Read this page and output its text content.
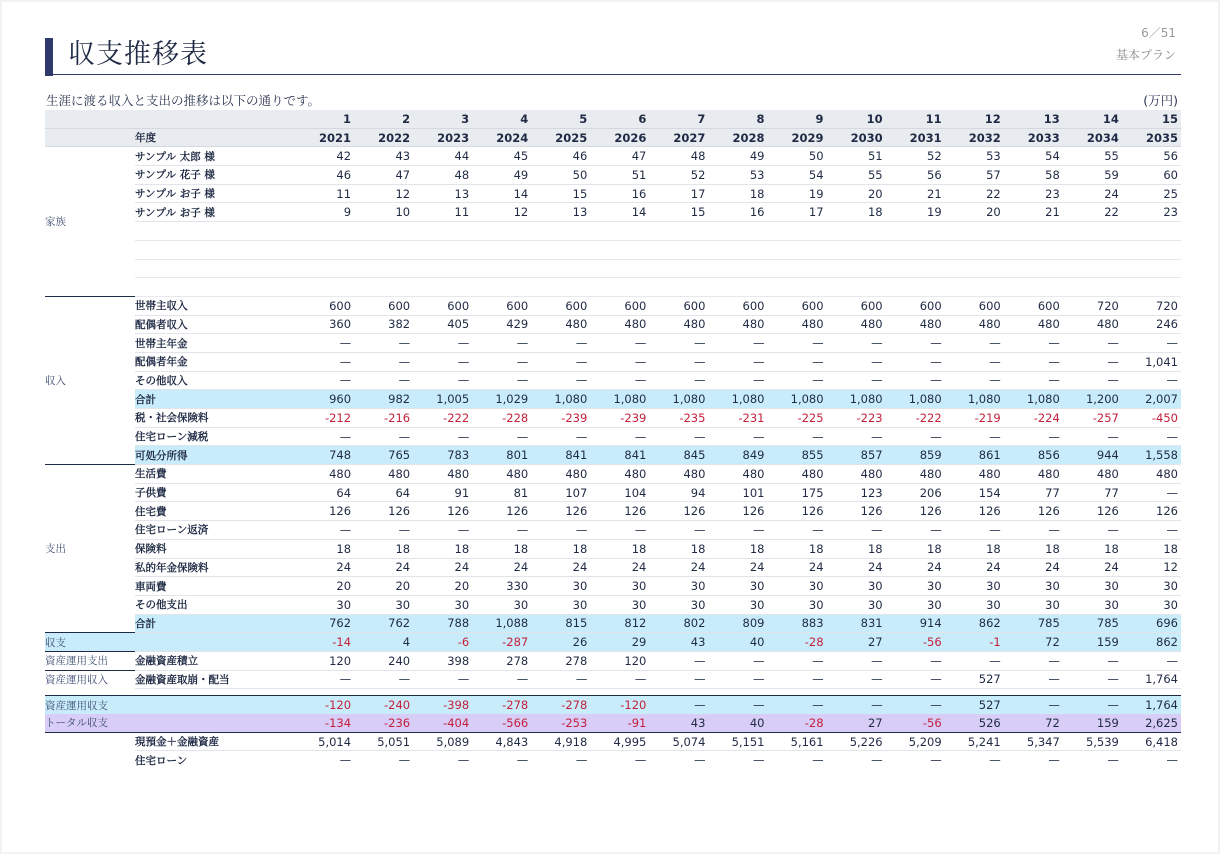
収支推移表
6／51
基本プラン
生涯に渡る収入と支出の推移は以下の通りです。	(万円)
		1	2	3	4	5	6	7	8	9	10	11	12	13	14	15
	年度	2021	2022	2023	2024	2025	2026	2027	2028	2029	2030	2031	2032	2033	2034	2035
家族	サンプル 太郎 様	42	43	44	45	46	47	48	49	50	51	52	53	54	55	56
	サンプル 花子 様	46	47	48	49	50	51	52	53	54	55	56	57	58	59	60
	サンプル お子 様	11	12	13	14	15	16	17	18	19	20	21	22	23	24	25
	サンプル お子 様	9	10	11	12	13	14	15	16	17	18	19	20	21	22	23

収入	世帯主収入	600	600	600	600	600	600	600	600	600	600	600	600	600	720	720
	配偶者収入	360	382	405	429	480	480	480	480	480	480	480	480	480	480	246
	世帯主年金	—	—	—	—	—	—	—	—	—	—	—	—	—	—	—
	配偶者年金	—	—	—	—	—	—	—	—	—	—	—	—	—	—	1,041
	その他収入	—	—	—	—	—	—	—	—	—	—	—	—	—	—	—
	合計	960	982	1,005	1,029	1,080	1,080	1,080	1,080	1,080	1,080	1,080	1,080	1,080	1,200	2,007
	税・社会保険料	-212	-216	-222	-228	-239	-239	-235	-231	-225	-223	-222	-219	-224	-257	-450
	住宅ローン減税	—	—	—	—	—	—	—	—	—	—	—	—	—	—	—
	可処分所得	748	765	783	801	841	841	845	849	855	857	859	861	856	944	1,558
支出	生活費	480	480	480	480	480	480	480	480	480	480	480	480	480	480	480
	子供費	64	64	91	81	107	104	94	101	175	123	206	154	77	77	—
	住宅費	126	126	126	126	126	126	126	126	126	126	126	126	126	126	126
	住宅ローン返済	—	—	—	—	—	—	—	—	—	—	—	—	—	—	—
	保険料	18	18	18	18	18	18	18	18	18	18	18	18	18	18	18
	私的年金保険料	24	24	24	24	24	24	24	24	24	24	24	24	24	24	12
	車両費	20	20	20	330	30	30	30	30	30	30	30	30	30	30	30
	その他支出	30	30	30	30	30	30	30	30	30	30	30	30	30	30	30
	合計	762	762	788	1,088	815	812	802	809	883	831	914	862	785	785	696
収支		-14	4	-6	-287	26	29	43	40	-28	27	-56	-1	72	159	862
資産運用支出	金融資産積立	120	240	398	278	278	120	—	—	—	—	—	—	—	—	—
資産運用収入	金融資産取崩・配当	—	—	—	—	—	—	—	—	—	—	—	527	—	—	1,764

資産運用収支		-120	-240	-398	-278	-278	-120	—	—	—	—	—	527	—	—	1,764
トータル収支		-134	-236	-404	-566	-253	-91	43	40	-28	27	-56	526	72	159	2,625
	現預金＋金融資産	5,014	5,051	5,089	4,843	4,918	4,995	5,074	5,151	5,161	5,226	5,209	5,241	5,347	5,539	6,418
	住宅ローン	—	—	—	—	—	—	—	—	—	—	—	—	—	—	—
